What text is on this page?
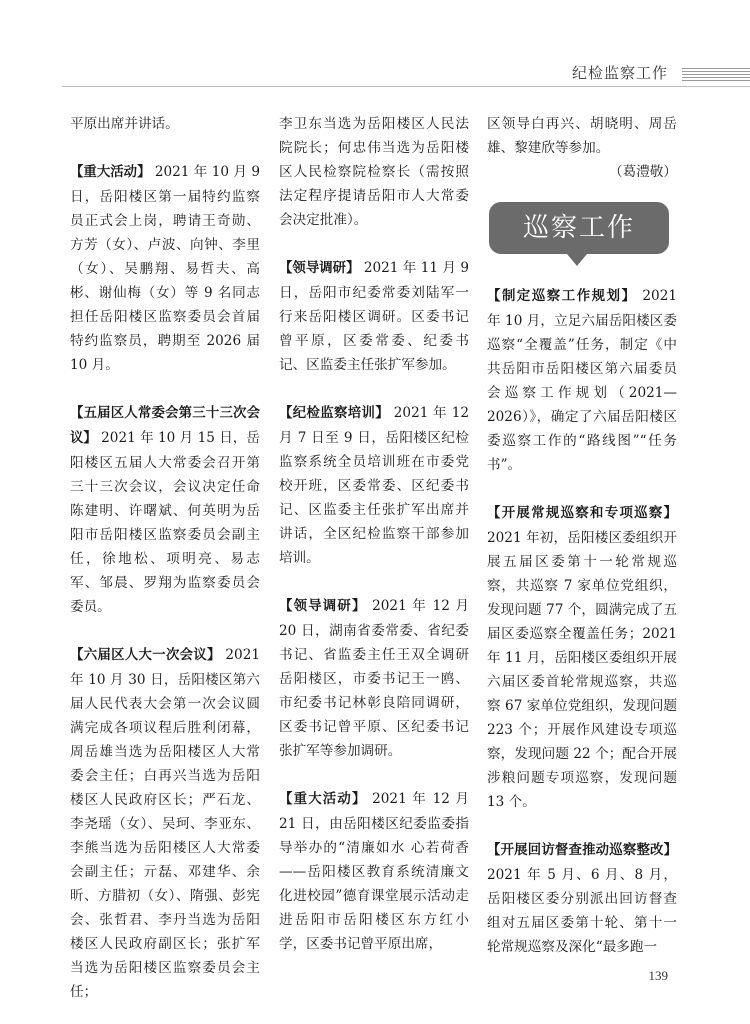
纪检监察工作

平原出席并讲话。

【重大活动】 2021 年 10 月 9 日，岳阳楼区第一届特约监察员正式会上岗，聘请王奇勋、方芳（女）、卢波、向钟、李里（女）、吴鹏翔、易哲夫、高彬、谢仙梅（女）等 9 名同志担任岳阳楼区监察委员会首届特约监察员，聘期至 2026 届 10 月。

【五届区人常委会第三十三次会议】 2021 年 10 月 15 日，岳阳楼区五届人大常委会召开第三十三次会议，会议决定任命陈建明、许曙斌、何英明为岳阳市岳阳楼区监察委员会副主任，徐地松、项明亮、易志军、邹晨、罗翔为监察委员会委员。

【六届区人大一次会议】 2021 年 10 月 30 日，岳阳楼区第六届人民代表大会第一次会议圆满完成各项议程后胜利闭幕，周岳雄当选为岳阳楼区人大常委会主任；白再兴当选为岳阳楼区人民政府区长；严石龙、李尧瑶（女）、吴珂、李亚东、李熊当选为岳阳楼区人大常委会副主任；亓磊、邓建华、余昕、方腊初（女）、隋强、彭宪会、张哲君、李丹当选为岳阳楼区人民政府副区长；张扩军当选为岳阳楼区监察委员会主任；

李卫东当选为岳阳楼区人民法院院长；何忠伟当选为岳阳楼区人民检察院检察长（需按照法定程序提请岳阳市人大常委会决定批准）。

【领导调研】 2021 年 11 月 9 日，岳阳市纪委常委刘陆军一行来岳阳楼区调研。区委书记曾平原，区委常委、纪委书记、区监委主任张扩军参加。

【纪检监察培训】 2021 年 12 月 7 日至 9 日，岳阳楼区纪检监察系统全员培训班在市委党校开班，区委常委、区纪委书记、区监委主任张扩军出席并讲话，全区纪检监察干部参加培训。

【领导调研】 2021 年 12 月 20 日，湖南省委常委、省纪委书记、省监委主任王双全调研岳阳楼区，市委书记王一鸥、市纪委书记林彰良陪同调研，区委书记曾平原、区纪委书记张扩军等参加调研。

【重大活动】 2021 年 12 月 21 日，由岳阳楼区纪委监委指导举办的“清廉如水 心若荷香——岳阳楼区教育系统清廉文化进校园”德育课堂展示活动走进岳阳市岳阳楼区东方红小学，区委书记曾平原出席，

区领导白再兴、胡晓明、周岳雄、黎建欣等参加。

（葛澧敬）

巡察工作

【制定巡察工作规划】 2021 年 10 月，立足六届岳阳楼区委巡察“全覆盖”任务，制定《中共岳阳市岳阳楼区第六届委员会巡察工作规划（2021—2026）》，确定了六届岳阳楼区委巡察工作的“路线图”“任务书”。

【开展常规巡察和专项巡察】 2021 年初，岳阳楼区委组织开展五届区委第十一轮常规巡察，共巡察 7 家单位党组织，发现问题 77 个，圆满完成了五届区委巡察全覆盖任务；2021 年 11 月，岳阳楼区委组织开展六届区委首轮常规巡察，共巡察 67 家单位党组织，发现问题 223 个；开展作风建设专项巡察，发现问题 22 个；配合开展涉粮问题专项巡察，发现问题 13 个。

【开展回访督查推动巡察整改】 2021 年 5 月、6 月、8 月，岳阳楼区委分别派出回访督查组对五届区委第十轮、第十一轮常规巡察及深化“最多跑一

139
